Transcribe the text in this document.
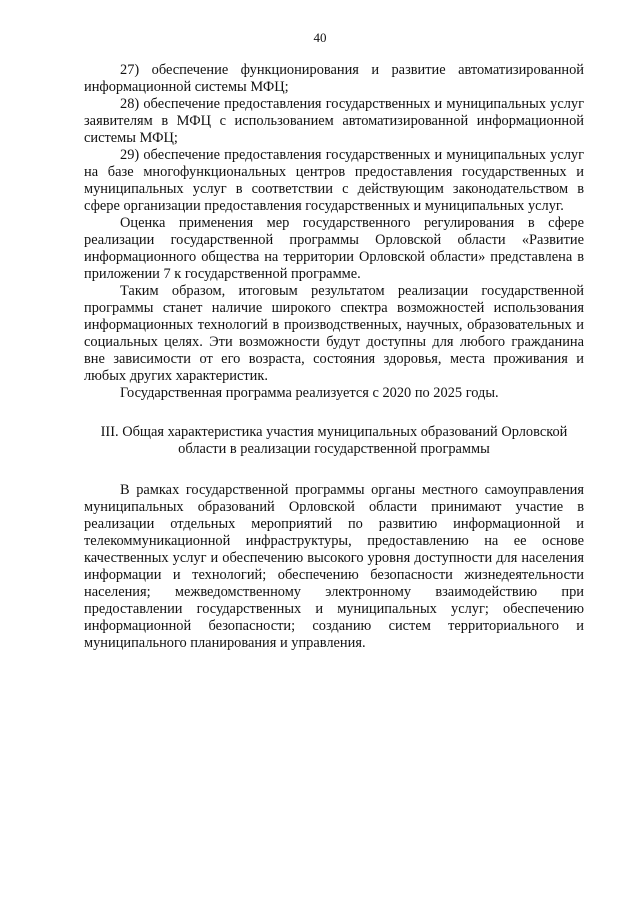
40

27) обеспечение функционирования и развитие автоматизированной информационной системы МФЦ;

28) обеспечение предоставления государственных и муниципальных услуг заявителям в МФЦ с использованием автоматизированной информационной системы МФЦ;

29) обеспечение предоставления государственных и муниципальных услуг на базе многофункциональных центров предоставления государственных и муниципальных услуг в соответствии с действующим законодательством в сфере организации предоставления государственных и муниципальных услуг.

Оценка применения мер государственного регулирования в сфере реализации государственной программы Орловской области «Развитие информационного общества на территории Орловской области» представлена в приложении 7 к государственной программе.

Таким образом, итоговым результатом реализации государственной программы станет наличие широкого спектра возможностей использования информационных технологий в производственных, научных, образовательных и социальных целях. Эти возможности будут доступны для любого гражданина вне зависимости от его возраста, состояния здоровья, места проживания и любых других характеристик.

Государственная программа реализуется с 2020 по 2025 годы.

III. Общая характеристика участия муниципальных образований Орловской
области в реализации государственной программы

В рамках государственной программы органы местного самоуправления муниципальных образований Орловской области принимают участие в реализации отдельных мероприятий по развитию информационной и телекоммуникационной инфраструктуры, предоставлению на ее основе качественных услуг и обеспечению высокого уровня доступности для населения информации и технологий; обеспечению безопасности жизнедеятельности населения; межведомственному электронному взаимодействию при предоставлении государственных и муниципальных услуг; обеспечению информационной безопасности; созданию систем территориального и муниципального планирования и управления.
